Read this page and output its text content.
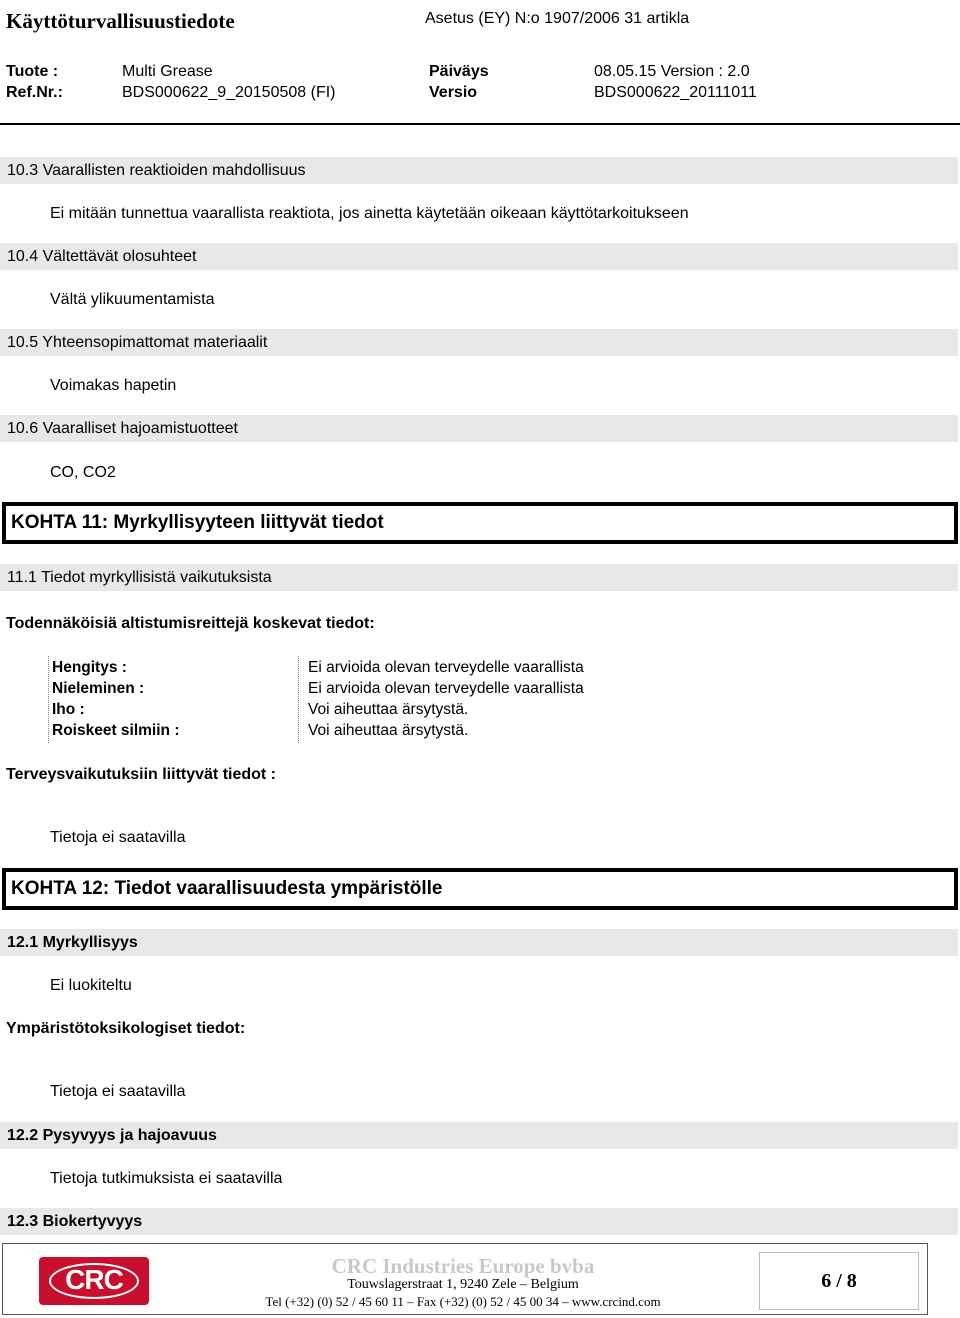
Käyttöturvallisuustiedote	Asetus (EY) N:o 1907/2006 31 artikla
Tuote :	Multi Grease	Päiväys	08.05.15 Version : 2.0
Ref.Nr.:	BDS000622_9_20150508 (FI)	Versio	BDS000622_20111011
10.3 Vaarallisten reaktioiden mahdollisuus
Ei mitään tunnettua vaarallista reaktiota, jos ainetta käytetään oikeaan käyttötarkoitukseen
10.4 Vältettävät olosuhteet
Vältä ylikuumentamista
10.5 Yhteensopimattomat materiaalit
Voimakas hapetin
10.6 Vaaralliset hajoamistuotteet
CO, CO2
KOHTA 11: Myrkyllisyyteen liittyvät tiedot
11.1 Tiedot myrkyllisistä vaikutuksista
Todennäköisiä altistumisreittejä koskevat tiedot:
Hengitys :	Ei arvioida olevan terveydelle vaarallista
Nieleminen :	Ei arvioida olevan terveydelle vaarallista
Iho :	Voi aiheuttaa ärsytystä.
Roiskeet silmiin :	Voi aiheuttaa ärsytystä.
Terveysvaikutuksiin liittyvät tiedot :
Tietoja ei saatavilla
KOHTA 12: Tiedot vaarallisuudesta ympäristölle
12.1 Myrkyllisyys
Ei luokiteltu
Ympäristötoksikologiset tiedot:
Tietoja ei saatavilla
12.2 Pysyvyys ja hajoavuus
Tietoja tutkimuksista ei saatavilla
12.3 Biokertyvyys
CRC	CRC Industries Europe bvba
Touwslagerstraat 1, 9240 Zele – Belgium
Tel (+32) (0) 52 / 45 60 11 – Fax (+32) (0) 52 / 45 00 34 – www.crcind.com
6 / 8
